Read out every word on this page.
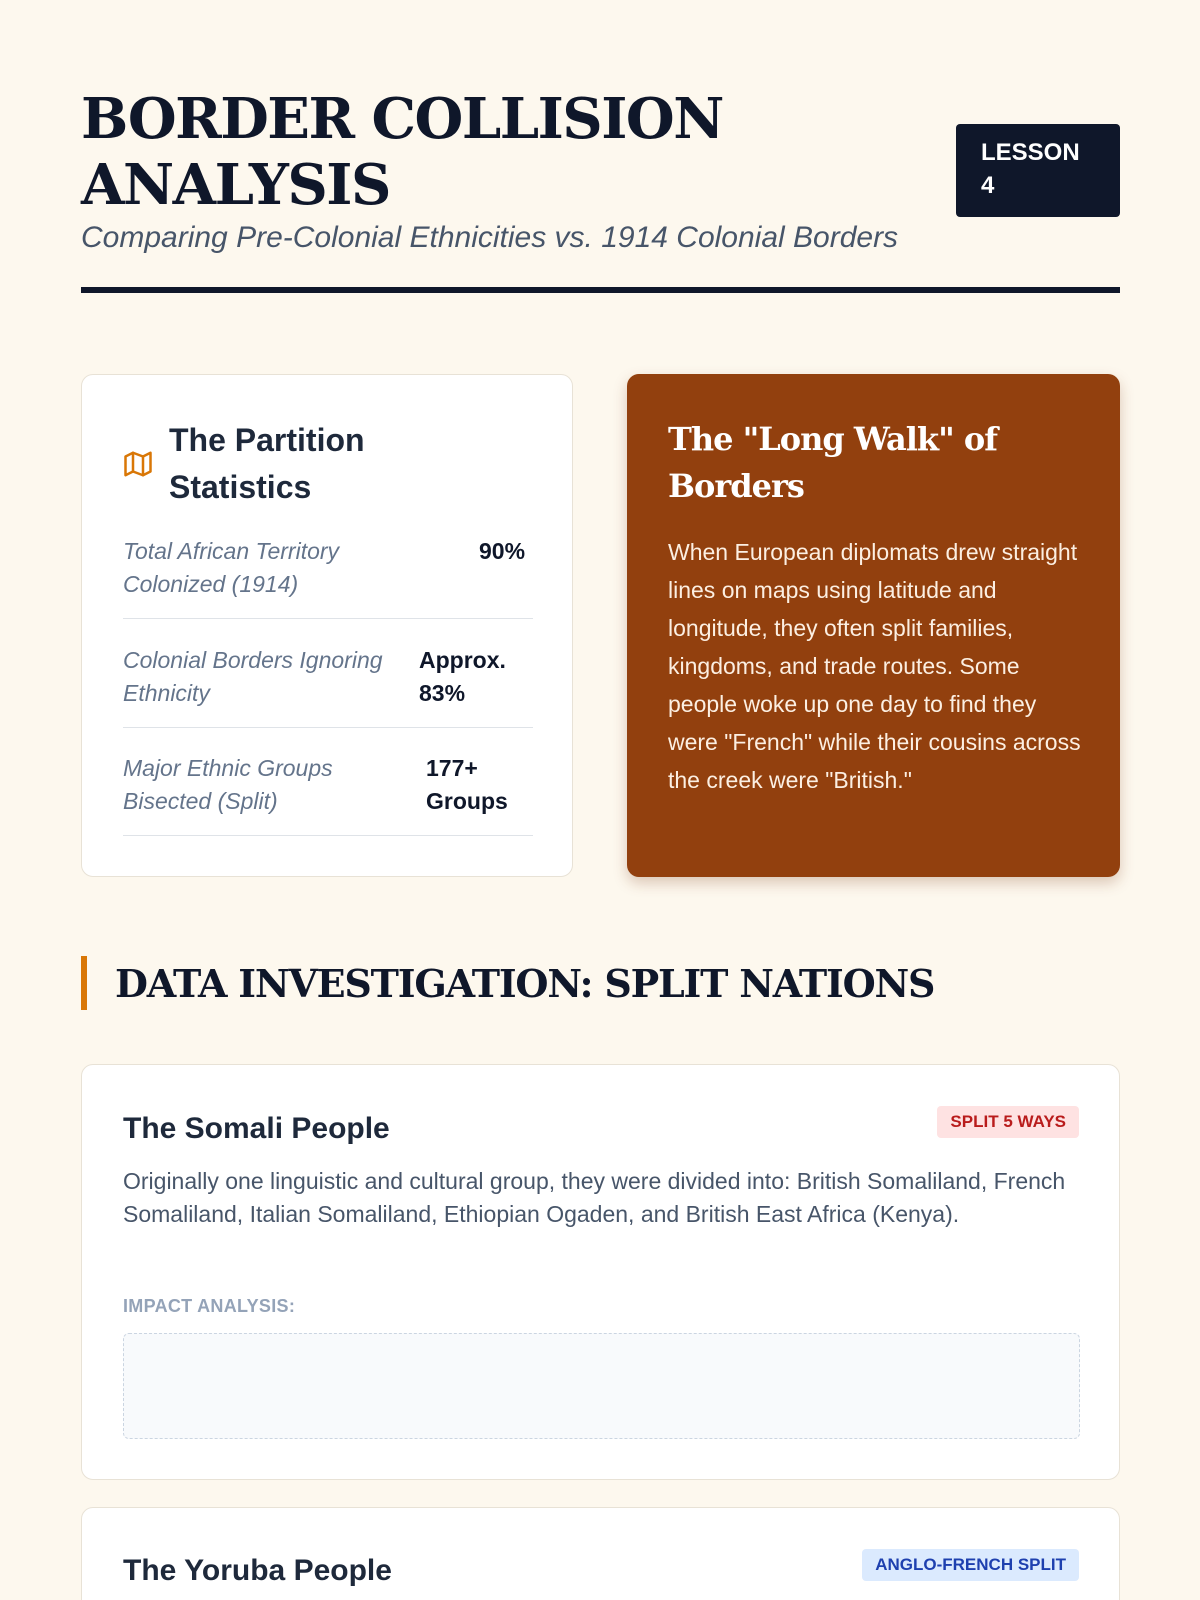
BORDER COLLISION ANALYSIS
Comparing Pre-Colonial Ethnicities vs. 1914 Colonial Borders
LESSON 4
The Partition Statistics
Total African Territory Colonized (1914)
90%
Colonial Borders Ignoring Ethnicity
Approx. 83%
Major Ethnic Groups Bisected (Split)
177+ Groups
The "Long Walk" of Borders
When European diplomats drew straight lines on maps using latitude and longitude, they often split families, kingdoms, and trade routes. Some people woke up one day to find they were "French" while their cousins across the creek were "British."
DATA INVESTIGATION: SPLIT NATIONS
The Somali People	SPLIT 5 WAYS
Originally one linguistic and cultural group, they were divided into: British Somaliland, French Somaliland, Italian Somaliland, Ethiopian Ogaden, and British East Africa (Kenya).
IMPACT ANALYSIS:
The Yoruba People	ANGLO-FRENCH SPLIT
